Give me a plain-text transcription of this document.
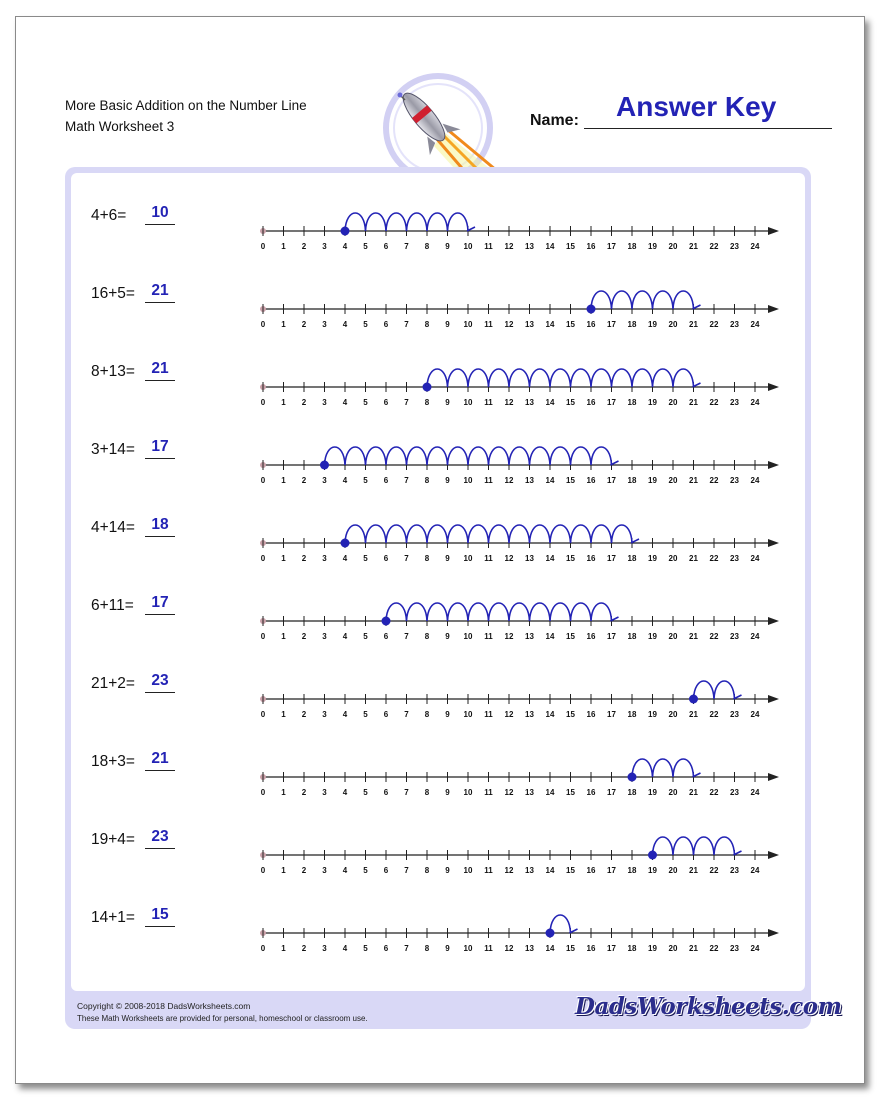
More Basic Addition on the Number Line
Math Worksheet 3	Name: Answer Key
4+6=	10
0 1 2 3 4 5 6 7 8 9 10 11 12 13 14 15 16 17 18 19 20 21 22 23 24
16+5=	21
0 1 2 3 4 5 6 7 8 9 10 11 12 13 14 15 16 17 18 19 20 21 22 23 24
8+13=	21
0 1 2 3 4 5 6 7 8 9 10 11 12 13 14 15 16 17 18 19 20 21 22 23 24
3+14=	17
0 1 2 3 4 5 6 7 8 9 10 11 12 13 14 15 16 17 18 19 20 21 22 23 24
4+14=	18
0 1 2 3 4 5 6 7 8 9 10 11 12 13 14 15 16 17 18 19 20 21 22 23 24
6+11=	17
0 1 2 3 4 5 6 7 8 9 10 11 12 13 14 15 16 17 18 19 20 21 22 23 24
21+2=	23
0 1 2 3 4 5 6 7 8 9 10 11 12 13 14 15 16 17 18 19 20 21 22 23 24
18+3=	21
0 1 2 3 4 5 6 7 8 9 10 11 12 13 14 15 16 17 18 19 20 21 22 23 24
19+4=	23
0 1 2 3 4 5 6 7 8 9 10 11 12 13 14 15 16 17 18 19 20 21 22 23 24
14+1=	15
0 1 2 3 4 5 6 7 8 9 10 11 12 13 14 15 16 17 18 19 20 21 22 23 24
Copyright © 2008-2018 DadsWorksheets.com
These Math Worksheets are provided for personal, homeschool or classroom use.	DadsWorksheets.com
